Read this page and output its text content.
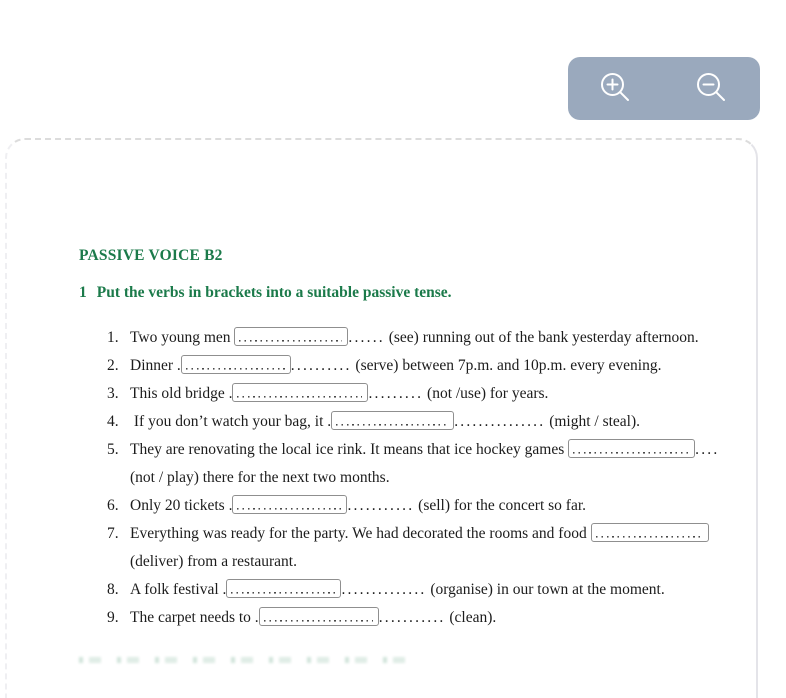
PASSIVE VOICE B2
1 Put the verbs in brackets into a suitable passive tense.
1. Two young men	...... (see) running out of the bank yesterday afternoon.
2. Dinner .	.......... (serve) between 7p.m. and 10p.m. every evening.
3. This old bridge .	......... (not /use) for years.
4. If you don’t watch your bag, it .	............... (might / steal).
5. They are renovating the local ice rink. It means that ice hockey games	....
(not / play) there for the next two months.
6. Only 20 tickets .	........... (sell) for the concert so far.
7. Everything was ready for the party. We had decorated the rooms and food
(deliver) from a restaurant.
8. A folk festival .	.............. (organise) in our town at the moment.
9. The carpet needs to .	........... (clean).
